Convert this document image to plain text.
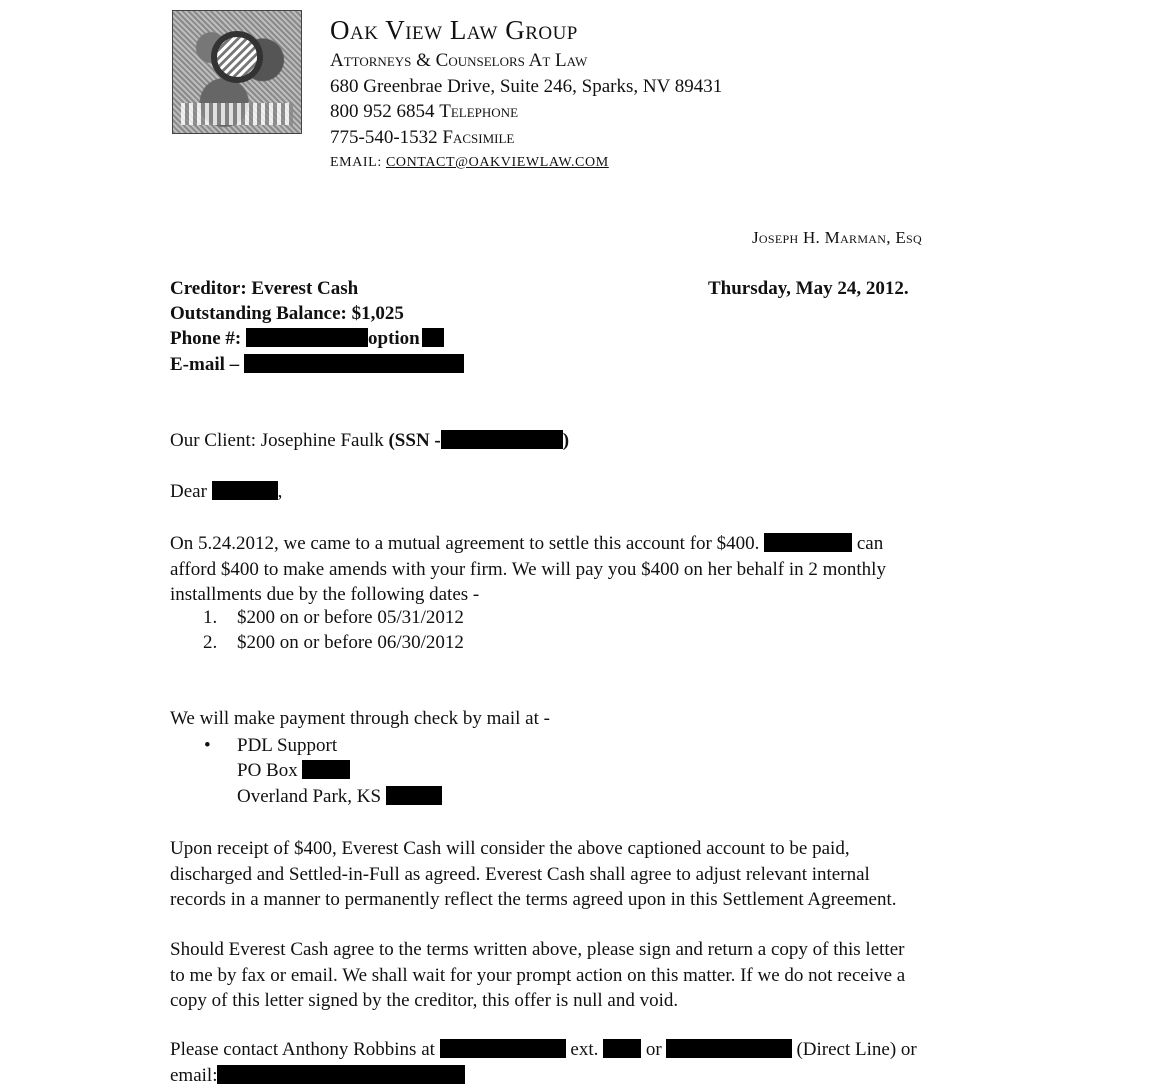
Oak View Law Group
Attorneys & Counselors At Law
680 Greenbrae Drive, Suite 246, Sparks, NV 89431
800 952 6854 Telephone
775-540-1532 Facsimile
EMAIL: CONTACT@OAKVIEWLAW.COM
Joseph H. Marman, Esq
Creditor: Everest Cash	Thursday, May 24, 2012.
Outstanding Balance: $1,025
Phone #:	option
E-mail –
Our Client: Josephine Faulk (SSN -	)
Dear	,

On 5.24.2012, we came to a mutual agreement to settle this account for $400.	can

afford $400 to make amends with your firm. We will pay you $400 on her behalf in 2 monthly

installments due by the following dates -

1. $200 on or before 05/31/2012
2. $200 on or before 06/30/2012
We will make payment through check by mail at -
• PDL Support
PO Box
Overland Park, KS

Upon receipt of $400, Everest Cash will consider the above captioned account to be paid,

discharged and Settled-in-Full as agreed. Everest Cash shall agree to adjust relevant internal

records in a manner to permanently reflect the terms agreed upon in this Settlement Agreement.

Should Everest Cash agree to the terms written above, please sign and return a copy of this letter

to me by fax or email. We shall wait for your prompt action on this matter. If we do not receive a

copy of this letter signed by the creditor, this offer is null and void.

Please contact Anthony Robbins at	ext.	or	(Direct Line) or
email:
